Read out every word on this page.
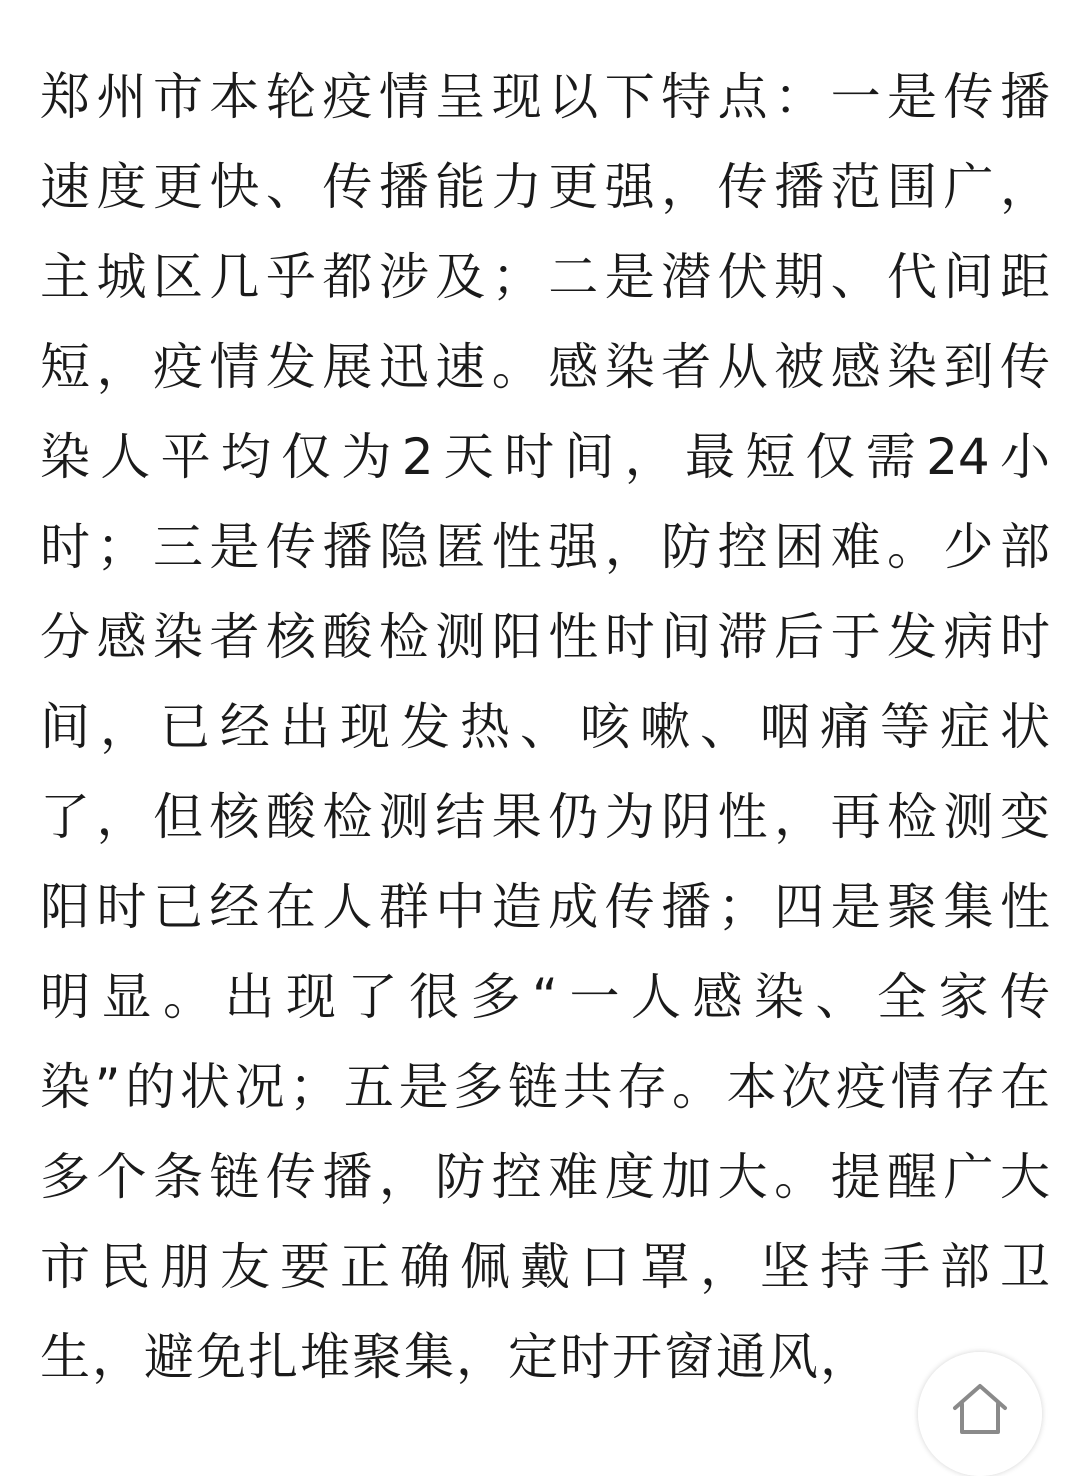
郑州市本轮疫情呈现以下特点：一是传播
速度更快、传播能力更强，传播范围广，
主城区几乎都涉及；二是潜伏期、代间距
短，疫情发展迅速。感染者从被感染到传
染人平均仅为2天时间，最短仅需24小
时；三是传播隐匿性强，防控困难。少部
分感染者核酸检测阳性时间滞后于发病时
间，已经出现发热、咳嗽、咽痛等症状
了，但核酸检测结果仍为阴性，再检测变
阳时已经在人群中造成传播；四是聚集性
明显。出现了很多“一人感染、全家传
染”的状况；五是多链共存。本次疫情存在
多个条链传播，防控难度加大。提醒广大
市民朋友要正确佩戴口罩，坚持手部卫
生，避免扎堆聚集，定时开窗通风，
